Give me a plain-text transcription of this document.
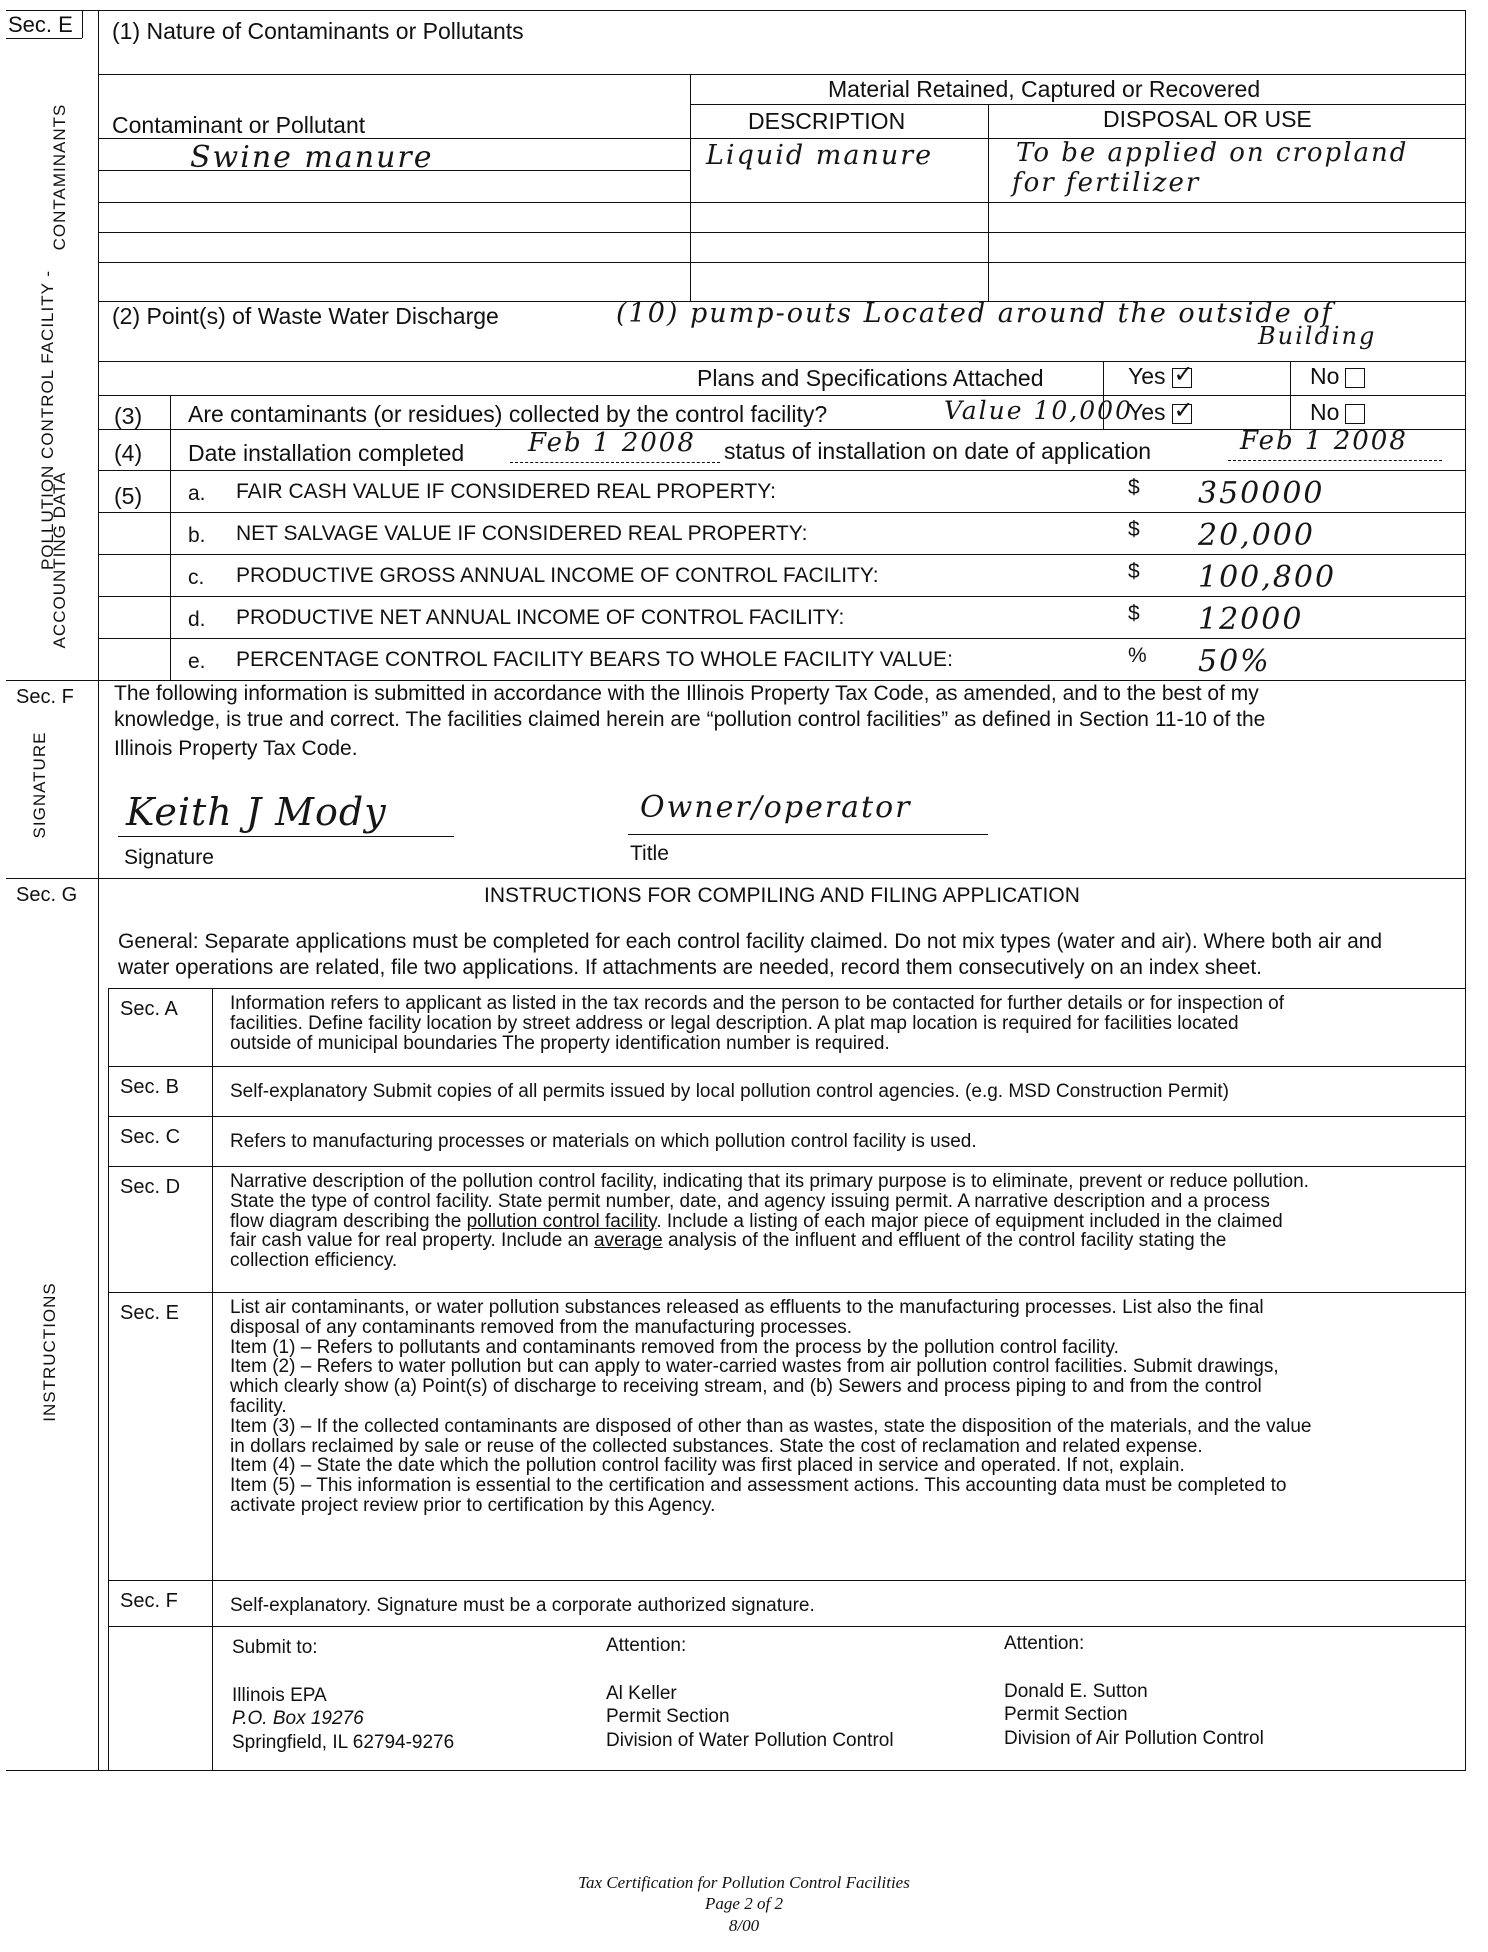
Sec. E (1) Nature of Contaminants or Pollutants
POLLUTION CONTROL FACILITY -
CONTAMINANTS
ACCOUNTING DATA
Material Retained, Captured or Recovered
Contaminant or Pollutant	DESCRIPTION	DISPOSAL OR USE
Swine manure	Liquid manure	To be applied on cropland
for fertilizer
(2) Point(s) of Waste Water Discharge	(10) pump-outs Located around the outside of
Building
Plans and Specifications Attached	Yes ✓	No
(3) Are contaminants (or residues) collected by the control facility?	Value 10,000
Yes ✓	No
(4) Date installation completed Feb 1 2008 status of installation on date of application	Feb 1 2008
(5) a. FAIR CASH VALUE IF CONSIDERED REAL PROPERTY:	$ 350000
b. NET SALVAGE VALUE IF CONSIDERED REAL PROPERTY:	$ 20,000
c. PRODUCTIVE GROSS ANNUAL INCOME OF CONTROL FACILITY:	$ 100,800
d. PRODUCTIVE NET ANNUAL INCOME OF CONTROL FACILITY:	$ 12000
e. PERCENTAGE CONTROL FACILITY BEARS TO WHOLE FACILITY VALUE:	% 50%
Sec. F
SIGNATURE
The following information is submitted in accordance with the Illinois Property Tax Code, as amended, and to the best of my
knowledge, is true and correct. The facilities claimed herein are “pollution control facilities” as defined in Section 11-10 of the
Illinois Property Tax Code.
Keith J Mody
Signature
Owner/operator
Title
Sec. G
INSTRUCTIONS
INSTRUCTIONS FOR COMPILING AND FILING APPLICATION
General: Separate applications must be completed for each control facility claimed. Do not mix types (water and air). Where both air and
water operations are related, file two applications. If attachments are needed, record them consecutively on an index sheet.
Sec. A	Information refers to applicant as listed in the tax records and the person to be contacted for further details or for inspection of
facilities. Define facility location by street address or legal description. A plat map location is required for facilities located
outside of municipal boundaries The property identification number is required.
Sec. B	Self-explanatory Submit copies of all permits issued by local pollution control agencies. (e.g. MSD Construction Permit)
Sec. C	Refers to manufacturing processes or materials on which pollution control facility is used.
Sec. D	Narrative description of the pollution control facility, indicating that its primary purpose is to eliminate, prevent or reduce pollution.
State the type of control facility. State permit number, date, and agency issuing permit. A narrative description and a process
flow diagram describing the pollution control facility. Include a listing of each major piece of equipment included in the claimed
fair cash value for real property. Include an average analysis of the influent and effluent of the control facility stating the
collection efficiency.
Sec. E	List air contaminants, or water pollution substances released as effluents to the manufacturing processes. List also the final
disposal of any contaminants removed from the manufacturing processes.
Item (1) – Refers to pollutants and contaminants removed from the process by the pollution control facility.
Item (2) – Refers to water pollution but can apply to water-carried wastes from air pollution control facilities. Submit drawings,
which clearly show (a) Point(s) of discharge to receiving stream, and (b) Sewers and process piping to and from the control
facility.
Item (3) – If the collected contaminants are disposed of other than as wastes, state the disposition of the materials, and the value
in dollars reclaimed by sale or reuse of the collected substances. State the cost of reclamation and related expense.
Item (4) – State the date which the pollution control facility was first placed in service and operated. If not, explain.
Item (5) – This information is essential to the certification and assessment actions. This accounting data must be completed to
activate project review prior to certification by this Agency.
Sec. F	Self-explanatory. Signature must be a corporate authorized signature.
Submit to:
Illinois EPA
P.O. Box 19276
Springfield, IL 62794-9276
Attention:
Al Keller
Permit Section
Division of Water Pollution Control
Attention:
Donald E. Sutton
Permit Section
Division of Air Pollution Control
Tax Certification for Pollution Control Facilities
Page 2 of 2
8/00
